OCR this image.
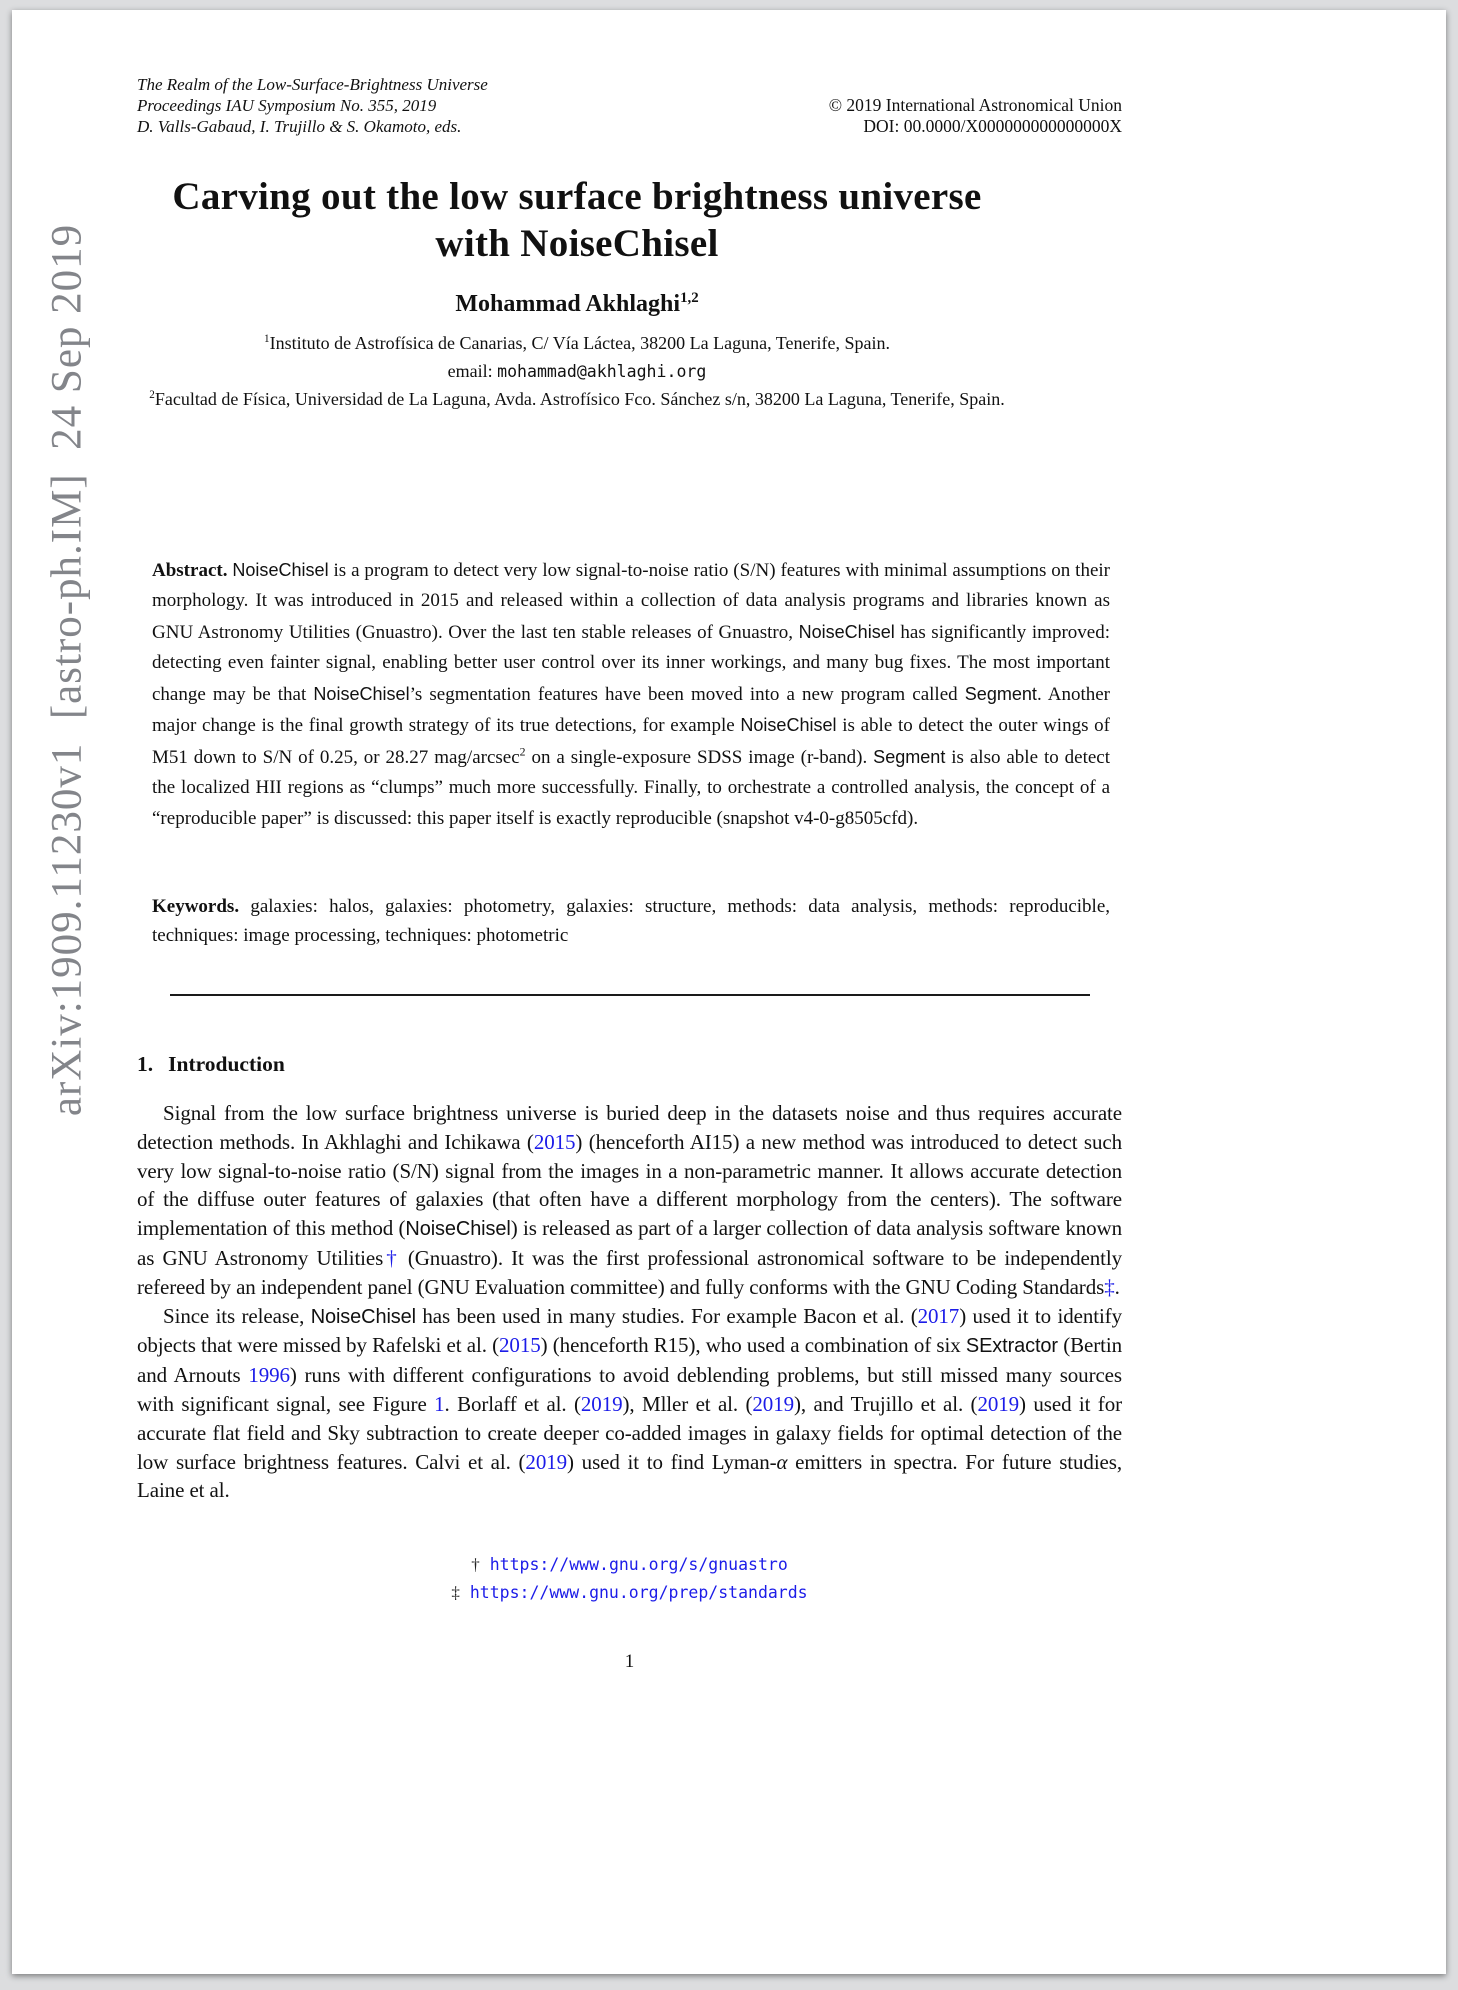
arXiv:1909.11230v1  [astro-ph.IM]  24 Sep 2019
The Realm of the Low-Surface-Brightness Universe
Proceedings IAU Symposium No. 355, 2019
D. Valls-Gabaud, I. Trujillo & S. Okamoto, eds.
© 2019 International Astronomical Union
DOI: 00.0000/X000000000000000X
Carving out the low surface brightness universe with NoiseChisel
Mohammad Akhlaghi$^{1,2}$
$^1$Instituto de Astrofísica de Canarias, C/ Vía Láctea, 38200 La Laguna, Tenerife, Spain.
email: mohammad@akhlaghi.org
$^2$Facultad de Física, Universidad de La Laguna, Avda. Astrofísico Fco. Sánchez s/n, 38200 La Laguna, Tenerife, Spain.
Abstract. NoiseChisel is a program to detect very low signal-to-noise ratio (S/N) features with minimal assumptions on their morphology. It was introduced in 2015 and released within a collection of data analysis programs and libraries known as GNU Astronomy Utilities (Gnuastro). Over the last ten stable releases of Gnuastro, NoiseChisel has significantly improved: detecting even fainter signal, enabling better user control over its inner workings, and many bug fixes. The most important change may be that NoiseChisel’s segmentation features have been moved into a new program called Segment. Another major change is the final growth strategy of its true detections, for example NoiseChisel is able to detect the outer wings of M51 down to S/N of 0.25, or 28.27 mag/arcsec$^2$ on a single-exposure SDSS image (r-band). Segment is also able to detect the localized HII regions as “clumps” much more successfully. Finally, to orchestrate a controlled analysis, the concept of a “reproducible paper” is discussed: this paper itself is exactly reproducible (snapshot v4-0-g8505cfd).
Keywords. galaxies: halos, galaxies: photometry, galaxies: structure, methods: data analysis, methods: reproducible, techniques: image processing, techniques: photometric
1. Introduction

Signal from the low surface brightness universe is buried deep in the datasets noise and thus requires accurate detection methods. In Akhlaghi and Ichikawa (2015) (henceforth AI15) a new method was introduced to detect such very low signal-to-noise ratio (S/N) signal from the images in a non-parametric manner. It allows accurate detection of the diffuse outer features of galaxies (that often have a different morphology from the centers). The software implementation of this method (NoiseChisel) is released as part of a larger collection of data analysis software known as GNU Astronomy Utilities† (Gnuastro). It was the first professional astronomical software to be independently refereed by an independent panel (GNU Evaluation committee) and fully conforms with the GNU Coding Standards‡.

Since its release, NoiseChisel has been used in many studies. For example Bacon et al. (2017) used it to identify objects that were missed by Rafelski et al. (2015) (henceforth R15), who used a combination of six SExtractor (Bertin and Arnouts 1996) runs with different configurations to avoid deblending problems, but still missed many sources with significant signal, see Figure 1. Borlaff et al. (2019), Mller et al. (2019), and Trujillo et al. (2019) used it for accurate flat field and Sky subtraction to create deeper co-added images in galaxy fields for optimal detection of the low surface brightness features. Calvi et al. (2019) used it to find Lyman-α emitters in spectra. For future studies, Laine et al.

† https://www.gnu.org/s/gnuastro
‡ https://www.gnu.org/prep/standards
1
